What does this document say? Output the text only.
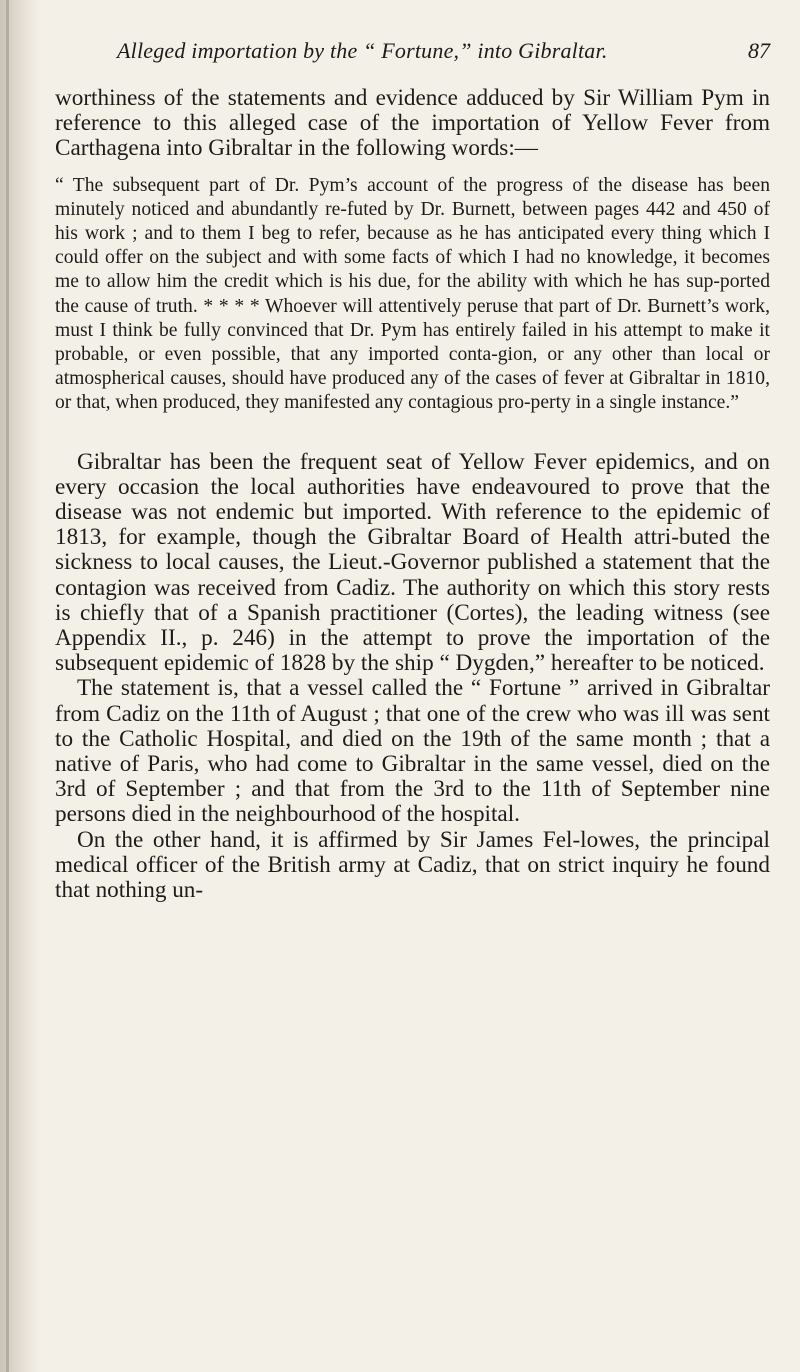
Alleged importation by the “ Fortune,” into Gibraltar.	87

worthiness of the statements and evidence adduced by Sir William Pym in reference to this alleged case of the importation of Yellow Fever from Carthagena into Gibraltar in the following words:—

“ The subsequent part of Dr. Pym’s account of the progress of the disease has been minutely noticed and abundantly re-futed by Dr. Burnett, between pages 442 and 450 of his work ; and to them I beg to refer, because as he has anticipated every thing which I could offer on the subject and with some facts of which I had no knowledge, it becomes me to allow him the credit which is his due, for the ability with which he has sup-ported the cause of truth. * * * * Whoever will attentively peruse that part of Dr. Burnett’s work, must I think be fully convinced that Dr. Pym has entirely failed in his attempt to make it probable, or even possible, that any imported conta-gion, or any other than local or atmospherical causes, should have produced any of the cases of fever at Gibraltar in 1810, or that, when produced, they manifested any contagious pro-perty in a single instance.”

Gibraltar has been the frequent seat of Yellow Fever epidemics, and on every occasion the local authorities have endeavoured to prove that the disease was not endemic but imported. With reference to the epidemic of 1813, for example, though the Gibraltar Board of Health attri-buted the sickness to local causes, the Lieut.-Governor published a statement that the contagion was received from Cadiz. The authority on which this story rests is chiefly that of a Spanish practitioner (Cortes), the leading witness (see Appendix II., p. 246) in the attempt to prove the importation of the subsequent epidemic of 1828 by the ship “ Dygden,” hereafter to be noticed.

The statement is, that a vessel called the “ Fortune ” arrived in Gibraltar from Cadiz on the 11th of August ; that one of the crew who was ill was sent to the Catholic Hospital, and died on the 19th of the same month ; that a native of Paris, who had come to Gibraltar in the same vessel, died on the 3rd of September ; and that from the 3rd to the 11th of September nine persons died in the neighbourhood of the hospital.

On the other hand, it is affirmed by Sir James Fel-lowes, the principal medical officer of the British army at Cadiz, that on strict inquiry he found that nothing un-
